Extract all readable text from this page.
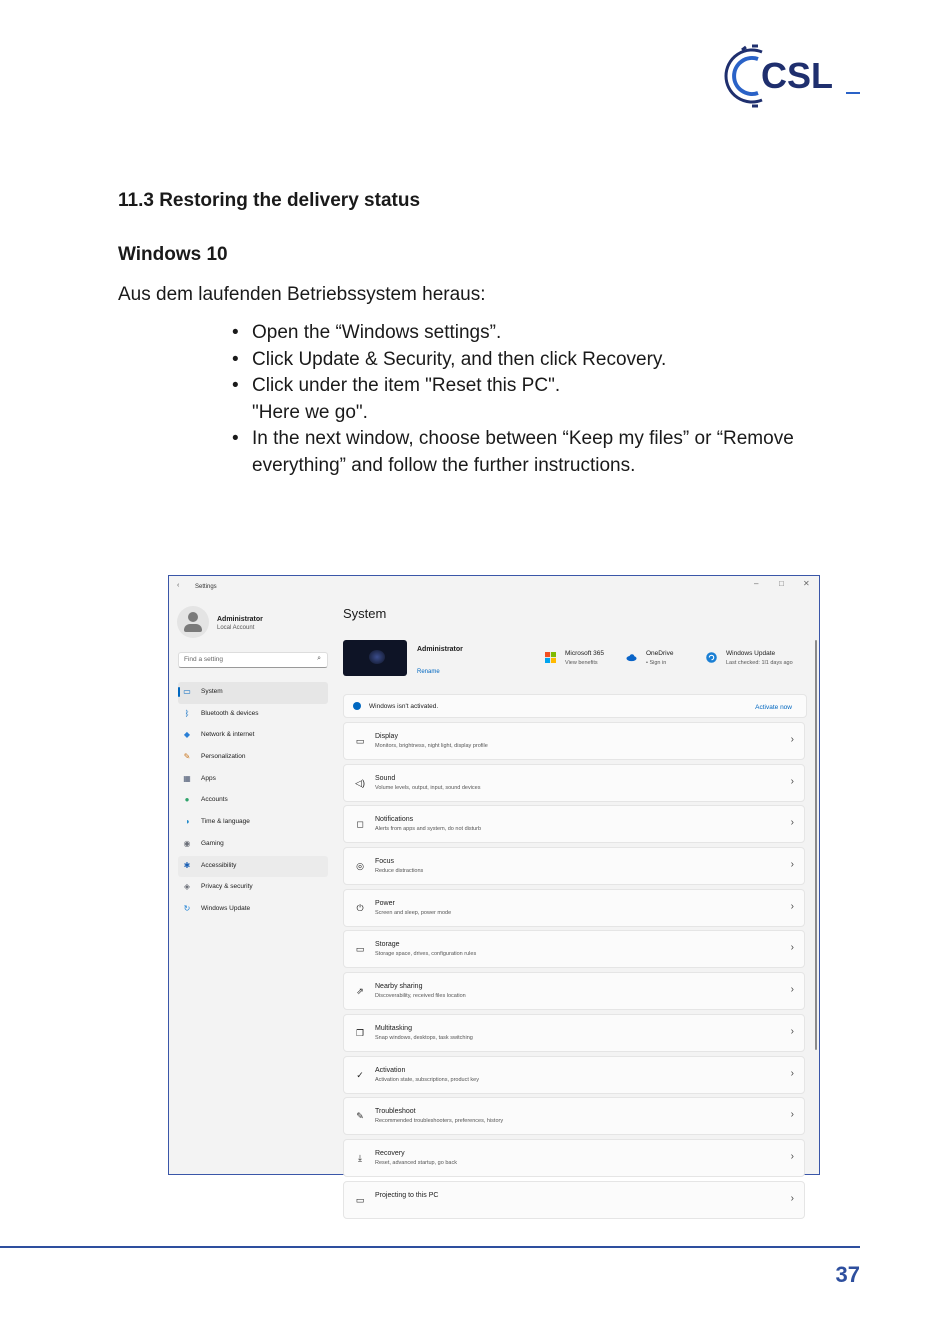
CSL
11.3 Restoring the delivery status
Windows 10

Aus dem laufenden Betriebssystem heraus:

• Open the “Windows settings”.
• Click Update & Security, and then click Recovery.
• Click under the item "Reset this PC".
"Here we go".
• In the next window, choose between “Keep my files” or “Remove everything” and follow the further instructions.
‹	Settings	–	□ ✕
Administrator
Local Account
Find a setting	⌕
▭ System
ᛒ	Bluetooth & devices
◆ Network & internet
✎ Personalization
▦ Apps
●	Accounts
◑	Time & language
◉ Gaming
✱ Accessibility
◈ Privacy & security
↻ Windows Update
System
Administrator
Rename
Microsoft 365
View benefits
OneDrive
• Sign in
Windows Update
Last checked: 1l1 days ago
Windows isn't activated.	Activate now
▭ Display
Monitors, brightness, night light, display profile
›
◁) Sound
Volume levels, output, input, sound devices
›
◻	Notifications
Alerts from apps and system, do not disturb
›
◎ Focus
Reduce distractions
›
⏻	Power
Screen and sleep, power mode
›
▭ Storage
Storage space, drives, configuration rules
›
⇗	Nearby sharing
Discoverability, received files location
›
❐ Multitasking
Snap windows, desktops, task switching
›
✓	Activation
Activation state, subscriptions, product key
›
✎	Troubleshoot
Recommended troubleshooters, preferences, history
›
⤓	Recovery
Reset, advanced startup, go back
›
▭ Projecting to this PC	›
37
